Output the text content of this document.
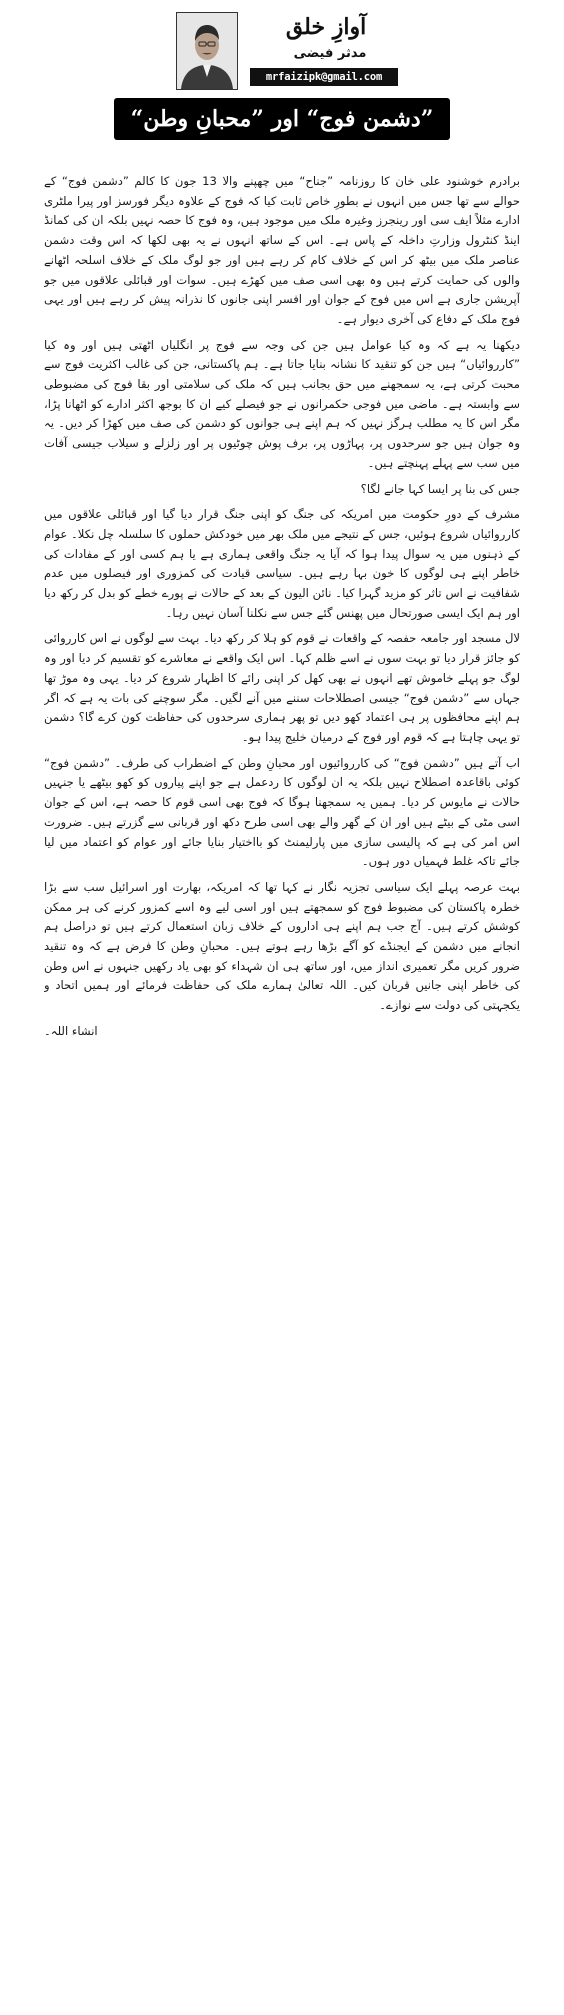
آوازِ خلق
مدثر فیضی
mrfaizipk@gmail.com
”دشمن فوج“ اور ”محبانِ وطن“

برادرم خوشنود علی خان کا روزنامہ ”جناح“ میں چھپنے والا 13 جون کا کالم ”دشمن فوج“ کے حوالے سے تھا جس میں انہوں نے بطورِ خاص ثابت کیا کہ فوج کے علاوہ دیگر فورسز اور پیرا ملٹری ادارے مثلاً ایف سی اور رینجرز وغیرہ ملک میں موجود ہیں، وہ فوج کا حصہ نہیں بلکہ ان کی کمانڈ اینڈ کنٹرول وزارتِ داخلہ کے پاس ہے۔ اس کے ساتھ انہوں نے یہ بھی لکھا کہ اس وقت دشمن عناصر ملک میں بیٹھ کر اس کے خلاف کام کر رہے ہیں اور جو لوگ ملک کے خلاف اسلحہ اٹھانے والوں کی حمایت کرتے ہیں وہ بھی اسی صف میں کھڑے ہیں۔ سوات اور قبائلی علاقوں میں جو آپریشن جاری ہے اس میں فوج کے جوان اور افسر اپنی جانوں کا نذرانہ پیش کر رہے ہیں اور یہی فوج ملک کے دفاع کی آخری دیوار ہے۔

دیکھنا یہ ہے کہ وہ کیا عوامل ہیں جن کی وجہ سے فوج پر انگلیاں اٹھتی ہیں اور وہ کیا ”کارروائیاں“ ہیں جن کو تنقید کا نشانہ بنایا جاتا ہے۔ ہم پاکستانی، جن کی غالب اکثریت فوج سے محبت کرتی ہے، یہ سمجھنے میں حق بجانب ہیں کہ ملک کی سلامتی اور بقا فوج کی مضبوطی سے وابستہ ہے۔ ماضی میں فوجی حکمرانوں نے جو فیصلے کیے ان کا بوجھ اکثر ادارے کو اٹھانا پڑا، مگر اس کا یہ مطلب ہرگز نہیں کہ ہم اپنے ہی جوانوں کو دشمن کی صف میں کھڑا کر دیں۔ یہ وہ جوان ہیں جو سرحدوں پر، پہاڑوں پر، برف پوش چوٹیوں پر اور زلزلے و سیلاب جیسی آفات میں سب سے پہلے پہنچتے ہیں۔

جس کی بنا پر ایسا کہا جانے لگا؟

مشرف کے دورِ حکومت میں امریکہ کی جنگ کو اپنی جنگ قرار دیا گیا اور قبائلی علاقوں میں کارروائیاں شروع ہوئیں، جس کے نتیجے میں ملک بھر میں خودکش حملوں کا سلسلہ چل نکلا۔ عوام کے ذہنوں میں یہ سوال پیدا ہوا کہ آیا یہ جنگ واقعی ہماری ہے یا ہم کسی اور کے مفادات کی خاطر اپنے ہی لوگوں کا خون بہا رہے ہیں۔ سیاسی قیادت کی کمزوری اور فیصلوں میں عدم شفافیت نے اس تاثر کو مزید گہرا کیا۔ نائن الیون کے بعد کے حالات نے پورے خطے کو بدل کر رکھ دیا اور ہم ایک ایسی صورتحال میں پھنس گئے جس سے نکلنا آسان نہیں رہا۔

لال مسجد اور جامعہ حفصہ کے واقعات نے قوم کو ہلا کر رکھ دیا۔ بہت سے لوگوں نے اس کارروائی کو جائز قرار دیا تو بہت سوں نے اسے ظلم کہا۔ اس ایک واقعے نے معاشرے کو تقسیم کر دیا اور وہ لوگ جو پہلے خاموش تھے انہوں نے بھی کھل کر اپنی رائے کا اظہار شروع کر دیا۔ یہی وہ موڑ تھا جہاں سے ”دشمن فوج“ جیسی اصطلاحات سننے میں آنے لگیں۔ مگر سوچنے کی بات یہ ہے کہ اگر ہم اپنے محافظوں پر ہی اعتماد کھو دیں تو پھر ہماری سرحدوں کی حفاظت کون کرے گا؟ دشمن تو یہی چاہتا ہے کہ قوم اور فوج کے درمیان خلیج پیدا ہو۔

اب آتے ہیں ”دشمن فوج“ کی کارروائیوں اور محبانِ وطن کے اضطراب کی طرف۔ ”دشمن فوج“ کوئی باقاعدہ اصطلاح نہیں بلکہ یہ ان لوگوں کا ردعمل ہے جو اپنے پیاروں کو کھو بیٹھے یا جنہیں حالات نے مایوس کر دیا۔ ہمیں یہ سمجھنا ہوگا کہ فوج بھی اسی قوم کا حصہ ہے، اس کے جوان اسی مٹی کے بیٹے ہیں اور ان کے گھر والے بھی اسی طرح دکھ اور قربانی سے گزرتے ہیں۔ ضرورت اس امر کی ہے کہ پالیسی سازی میں پارلیمنٹ کو بااختیار بنایا جائے اور عوام کو اعتماد میں لیا جائے تاکہ غلط فہمیاں دور ہوں۔

بہت عرصہ پہلے ایک سیاسی تجزیہ نگار نے کہا تھا کہ امریکہ، بھارت اور اسرائیل سب سے بڑا خطرہ پاکستان کی مضبوط فوج کو سمجھتے ہیں اور اسی لیے وہ اسے کمزور کرنے کی ہر ممکن کوشش کرتے ہیں۔ آج جب ہم اپنے ہی اداروں کے خلاف زبان استعمال کرتے ہیں تو دراصل ہم انجانے میں دشمن کے ایجنڈے کو آگے بڑھا رہے ہوتے ہیں۔ محبانِ وطن کا فرض ہے کہ وہ تنقید ضرور کریں مگر تعمیری انداز میں، اور ساتھ ہی ان شہداء کو بھی یاد رکھیں جنہوں نے اس وطن کی خاطر اپنی جانیں قربان کیں۔ اللہ تعالیٰ ہمارے ملک کی حفاظت فرمائے اور ہمیں اتحاد و یکجہتی کی دولت سے نوازے۔

انشاء اللہ۔
